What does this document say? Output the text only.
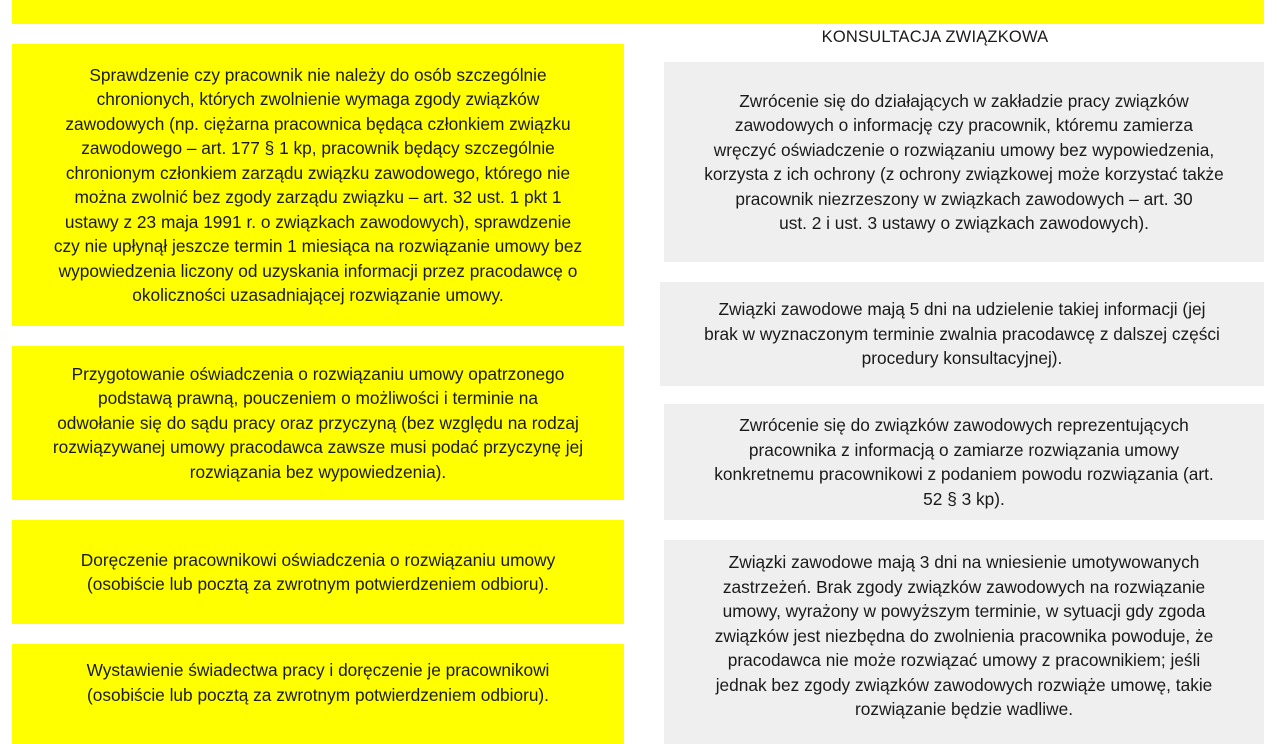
KONSULTACJA ZWIĄZKOWA
Sprawdzenie czy pracownik nie należy do osób szczególnie
chronionych, których zwolnienie wymaga zgody związków
zawodowych (np. ciężarna pracownica będąca członkiem związku
zawodowego – art. 177 § 1 kp, pracownik będący szczególnie
chronionym członkiem zarządu związku zawodowego, którego nie
można zwolnić bez zgody zarządu związku – art. 32 ust. 1 pkt 1
ustawy z 23 maja 1991 r. o związkach zawodowych), sprawdzenie
czy nie upłynął jeszcze termin 1 miesiąca na rozwiązanie umowy bez
wypowiedzenia liczony od uzyskania informacji przez pracodawcę o
okoliczności uzasadniającej rozwiązanie umowy.
Przygotowanie oświadczenia o rozwiązaniu umowy opatrzonego
podstawą prawną, pouczeniem o możliwości i terminie na
odwołanie się do sądu pracy oraz przyczyną (bez względu na rodzaj
rozwiązywanej umowy pracodawca zawsze musi podać przyczynę jej
rozwiązania bez wypowiedzenia).
Doręczenie pracownikowi oświadczenia o rozwiązaniu umowy
(osobiście lub pocztą za zwrotnym potwierdzeniem odbioru).
Wystawienie świadectwa pracy i doręczenie je pracownikowi
(osobiście lub pocztą za zwrotnym potwierdzeniem odbioru).
Zwrócenie się do działających w zakładzie pracy związków
zawodowych o informację czy pracownik, któremu zamierza
wręczyć oświadczenie o rozwiązaniu umowy bez wypowiedzenia,
korzysta z ich ochrony (z ochrony związkowej może korzystać także
pracownik niezrzeszony w związkach zawodowych – art. 30
ust. 2 i ust. 3 ustawy o związkach zawodowych).
Związki zawodowe mają 5 dni na udzielenie takiej informacji (jej
brak w wyznaczonym terminie zwalnia pracodawcę z dalszej części
procedury konsultacyjnej).
Zwrócenie się do związków zawodowych reprezentujących
pracownika z informacją o zamiarze rozwiązania umowy
konkretnemu pracownikowi z podaniem powodu rozwiązania (art.
52 § 3 kp).
Związki zawodowe mają 3 dni na wniesienie umotywowanych
zastrzeżeń. Brak zgody związków zawodowych na rozwiązanie
umowy, wyrażony w powyższym terminie, w sytuacji gdy zgoda
związków jest niezbędna do zwolnienia pracownika powoduje, że
pracodawca nie może rozwiązać umowy z pracownikiem; jeśli
jednak bez zgody związków zawodowych rozwiąże umowę, takie
rozwiązanie będzie wadliwe.
